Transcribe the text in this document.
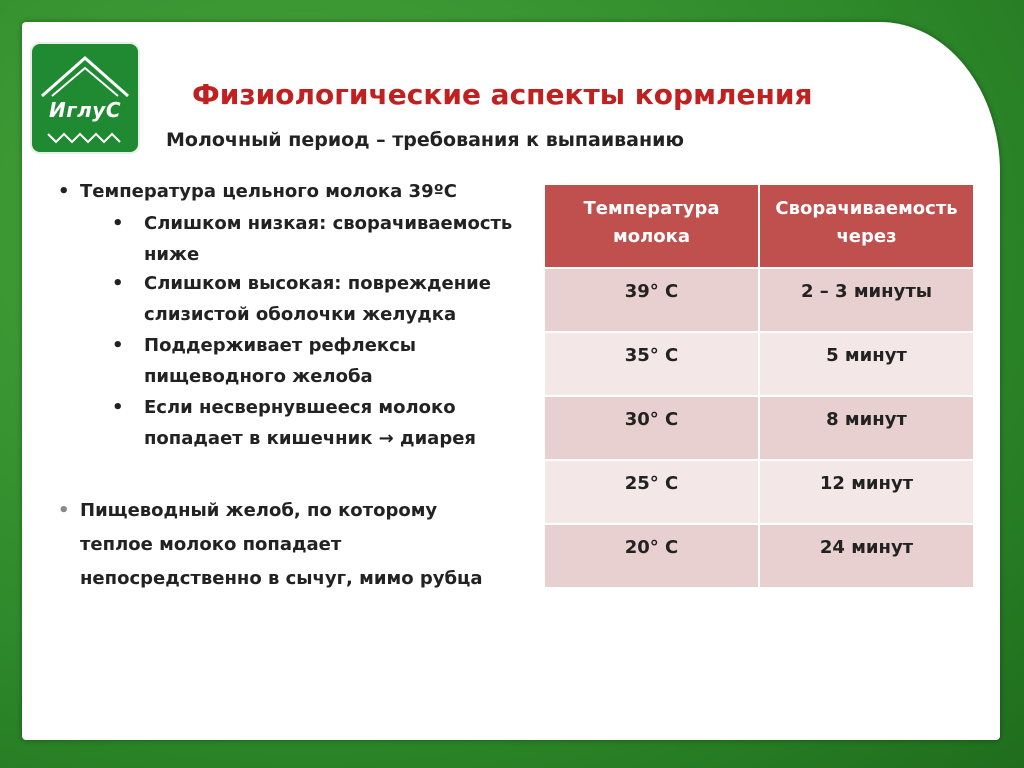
ИглуС	Физиологические аспекты кормления
Молочный период – требования к выпаиванию
• Температура цельного молока 39ºС
• Слишком низкая: сворачиваемость ниже
• Слишком высокая: повреждение слизистой оболочки желудка
• Поддерживает рефлексы пищеводного желоба
• Если несвернувшееся молоко попадает в кишечник → диарея
• Пищеводный желоб, по которому теплое молоко попадает непосредственно в сычуг, мимо рубца
Температура молока	Сворачиваемость через
39° С	2 – 3 минуты
35° С	5 минут
30° С	8 минут
25° С	12 минут
20° С	24 минут
